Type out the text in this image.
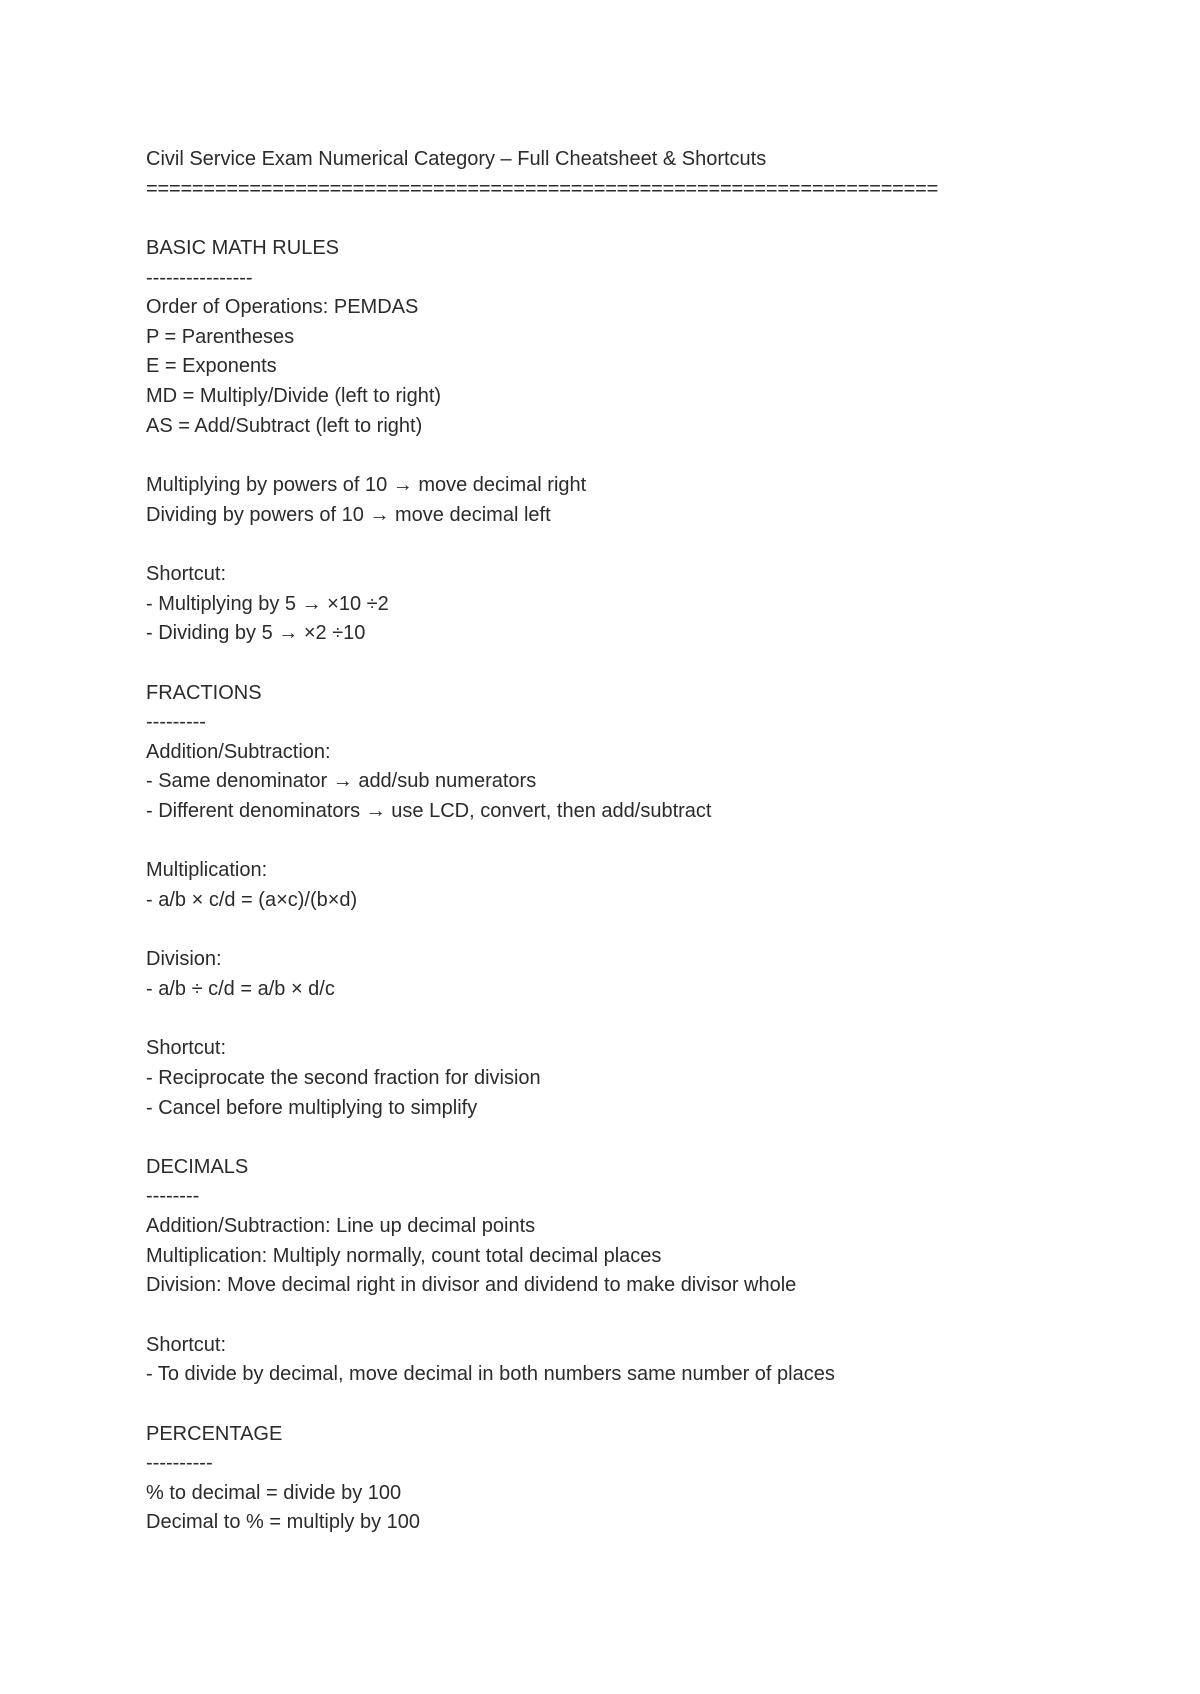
Civil Service Exam Numerical Category – Full Cheatsheet & Shortcuts
=====================================================================
BASIC MATH RULES
----------------
Order of Operations: PEMDAS
P = Parentheses
E = Exponents
MD = Multiply/Divide (left to right)
AS = Add/Subtract (left to right)
Multiplying by powers of 10 → move decimal right
Dividing by powers of 10 → move decimal left
Shortcut:
- Multiplying by 5 → ×10 ÷2
- Dividing by 5 → ×2 ÷10
FRACTIONS
---------
Addition/Subtraction:
- Same denominator → add/sub numerators
- Different denominators → use LCD, convert, then add/subtract
Multiplication:
- a/b × c/d = (a×c)/(b×d)
Division:
- a/b ÷ c/d = a/b × d/c
Shortcut:
- Reciprocate the second fraction for division
- Cancel before multiplying to simplify
DECIMALS
--------
Addition/Subtraction: Line up decimal points
Multiplication: Multiply normally, count total decimal places
Division: Move decimal right in divisor and dividend to make divisor whole
Shortcut:
- To divide by decimal, move decimal in both numbers same number of places
PERCENTAGE
----------
% to decimal = divide by 100
Decimal to % = multiply by 100
